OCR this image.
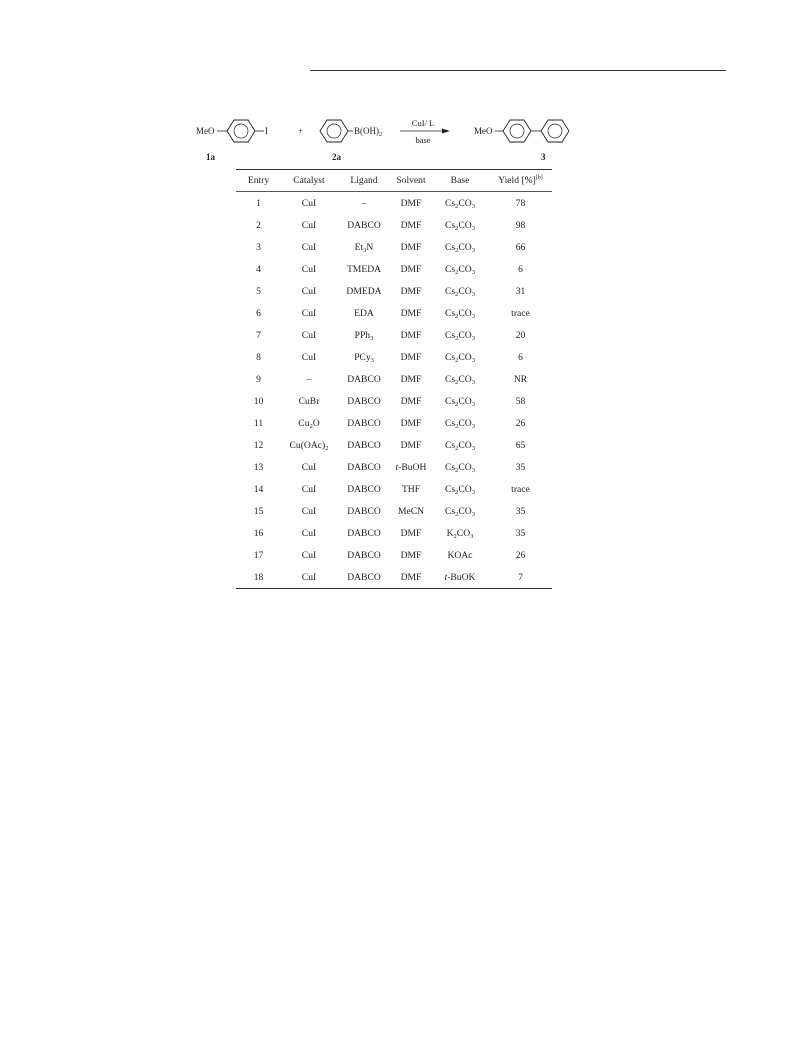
MeO	I
1a
+	$B(OH)_2$
2a
CuI/ L
base
MeO
3
Entry	Catalyst	Ligand	Solvent	Base	Yield [%][b]
1	CuI	–	DMF	$Cs_2CO_3$	78
2	CuI	DABCO	DMF	$Cs_2CO_3$	98
3	CuI	$Et_3N$	DMF	$Cs_2CO_3$	66
4	CuI	TMEDA	DMF	$Cs_2CO_3$	6
5	CuI	DMEDA	DMF	$Cs_2CO_3$	31
6	CuI	EDA	DMF	$Cs_2CO_3$	trace
7	CuI	PPh$_3$	DMF	$Cs_2CO_3$	20
8	CuI	PCy$_3$	DMF	$Cs_2CO_3$	6
9	–	DABCO	DMF	$Cs_2CO_3$	NR
10	CuBr	DABCO	DMF	$Cs_2CO_3$	58
11	$Cu_2O$	DABCO	DMF	$Cs_2CO_3$	26
12	$Cu(OAc)_2$	DABCO	DMF	$Cs_2CO_3$	65
13	CuI	DABCO	t-BuOH	$Cs_2CO_3$	35
14	CuI	DABCO	THF	$Cs_2CO_3$	trace
15	CuI	DABCO	MeCN	$Cs_2CO_3$	35
16	CuI	DABCO	DMF	$K_2CO_3$	35
17	CuI	DABCO	DMF	KOAc	26
18	CuI	DABCO	DMF	t-BuOK	7
